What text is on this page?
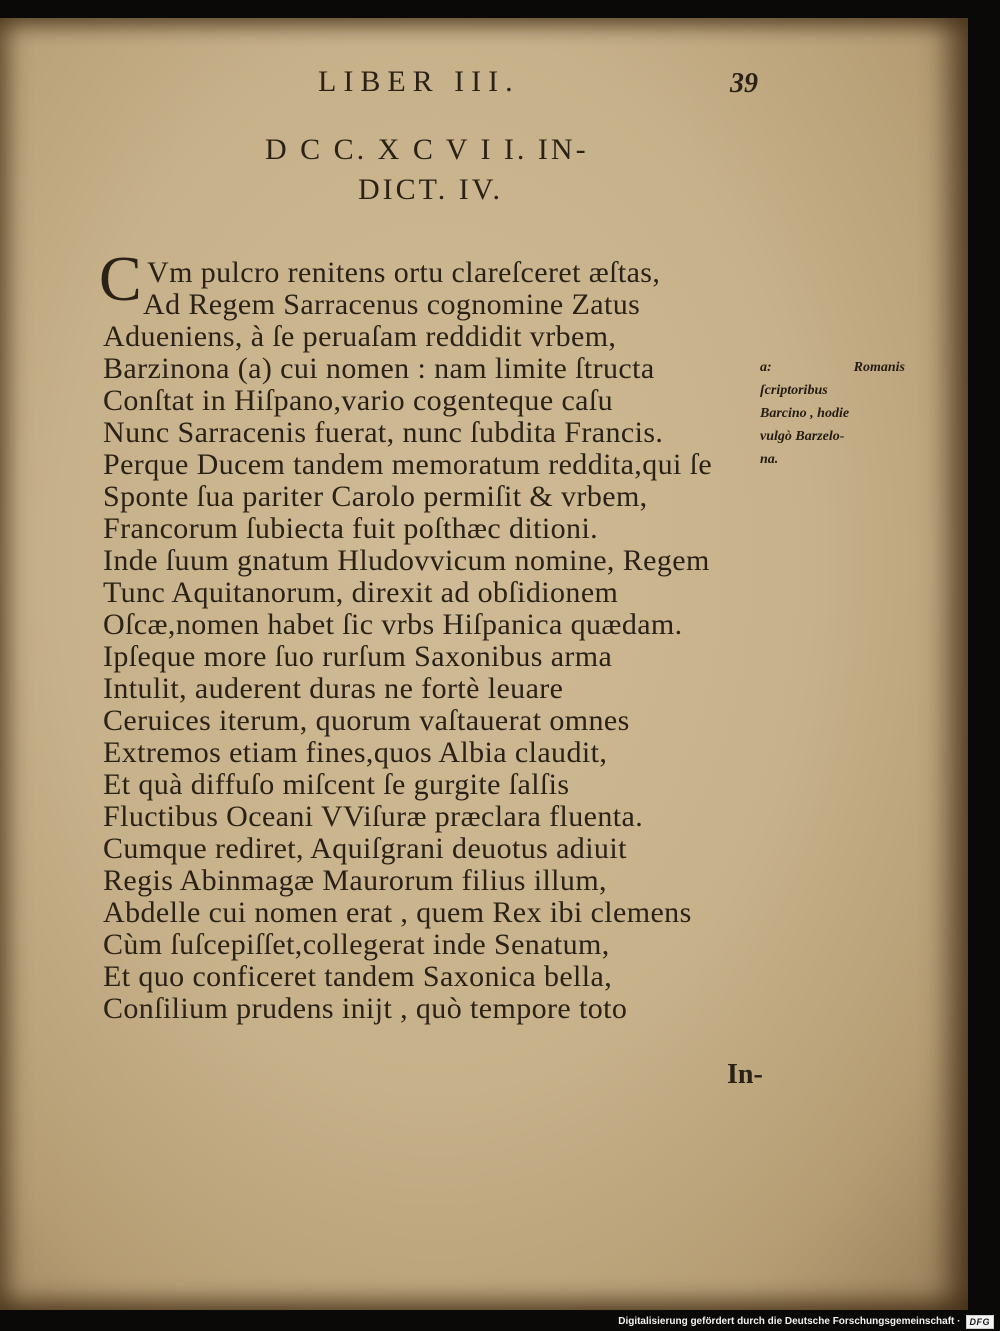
LIBER III.	39
D C C. X C V I I. IN-
DICT. IV.
C Vm pulcro renitens ortu clareſceret æſtas,
Ad Regem Sarracenus cognomine Zatus
Adueniens, à ſe peruaſam reddidit vrbem,
Barzinona (a) cui nomen : nam limite ſtructa
Conſtat in Hiſpano,vario cogenteque caſu
Nunc Sarracenis fuerat, nunc ſubdita Francis.
Perque Ducem tandem memoratum reddita,qui ſe
Sponte ſua pariter Carolo permiſit & vrbem,
Francorum ſubiecta fuit poſthæc ditioni.
Inde ſuum gnatum Hludovvicum nomine, Regem
Tunc Aquitanorum, direxit ad obſidionem
Oſcæ,nomen habet ſic vrbs Hiſpanica quædam.
Ipſeque more ſuo rurſum Saxonibus arma
Intulit, auderent duras ne fortè leuare
Ceruices iterum, quorum vaſtauerat omnes
Extremos etiam fines,quos Albia claudit,
Et quà diffuſo miſcent ſe gurgite ſalſis
Fluctibus Oceani VViſuræ præclara fluenta.
Cumque rediret, Aquiſgrani deuotus adiuit
Regis Abinmagæ Maurorum filius illum,
Abdelle cui nomen erat , quem Rex ibi clemens
Cùm ſuſcepiſſet,collegerat inde Senatum,
Et quo conficeret tandem Saxonica bella,
Conſilium prudens inijt , quò tempore toto
a:	Romanis
ſcriptoribus
Barcino , hodie
vulgò Barzelo-
na.
In-
Digitalisierung gefördert durch die Deutsche Forschungsgemeinschaft ·	DFG
